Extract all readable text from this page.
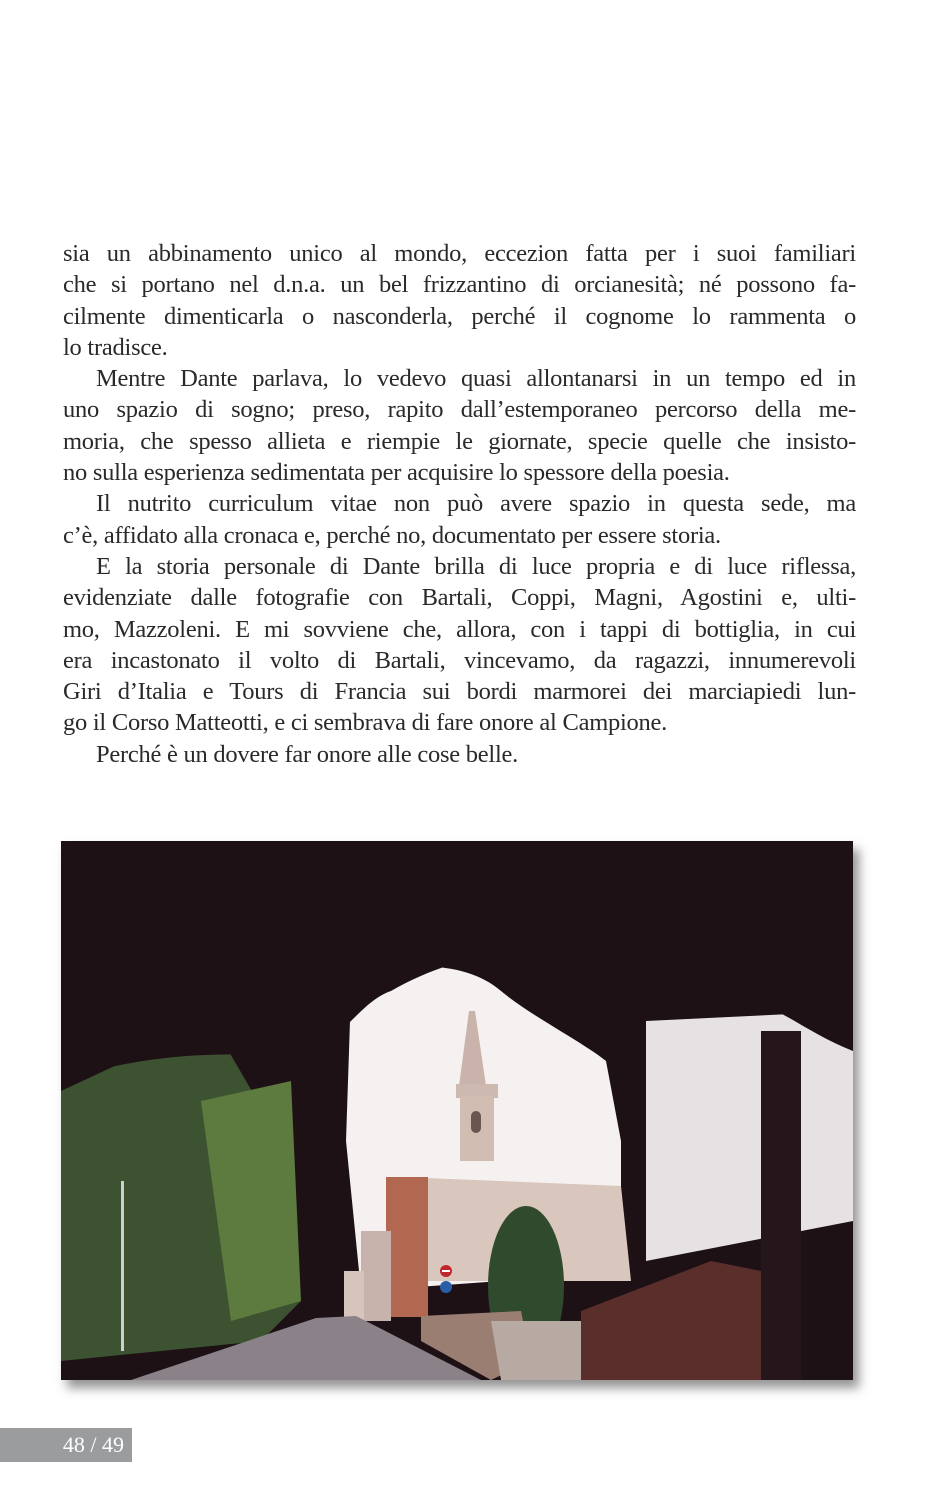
sia un abbinamento unico al mondo, eccezion fatta per i suoi familiari
che si portano nel d.n.a. un bel frizzantino di orcianesità; né possono fa-
cilmente dimenticarla o nasconderla, perché il cognome lo rammenta o
lo tradisce.

Mentre Dante parlava, lo vedevo quasi allontanarsi in un tempo ed in
uno spazio di sogno; preso, rapito dall’estemporaneo percorso della me-
moria, che spesso allieta e riempie le giornate, specie quelle che insisto-
no sulla esperienza sedimentata per acquisire lo spessore della poesia.

Il nutrito curriculum vitae non può avere spazio in questa sede, ma
c’è, affidato alla cronaca e, perché no, documentato per essere storia.

E la storia personale di Dante brilla di luce propria e di luce riflessa,
evidenziate dalle fotografie con Bartali, Coppi, Magni, Agostini e, ulti-
mo, Mazzoleni. E mi sovviene che, allora, con i tappi di bottiglia, in cui
era incastonato il volto di Bartali, vincevamo, da ragazzi, innumerevoli
Giri d’Italia e Tours di Francia sui bordi marmorei dei marciapiedi lun-
go il Corso Matteotti, e ci sembrava di fare onore al Campione.

Perché è un dovere far onore alle cose belle.

48 / 49
